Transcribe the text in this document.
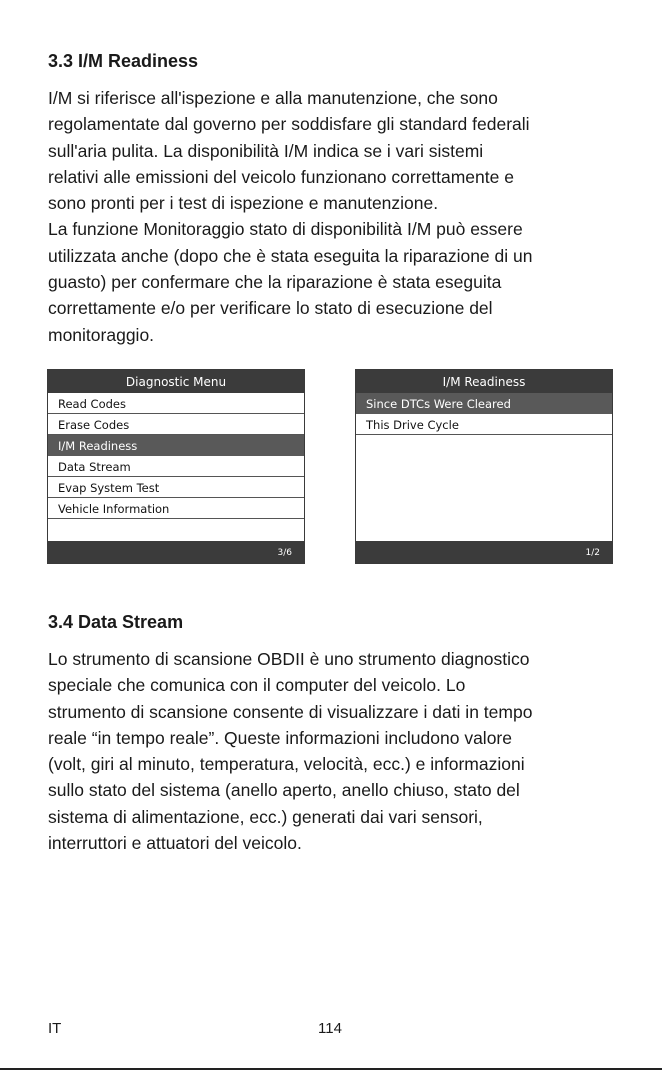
3.3 I/M Readiness

I/M si riferisce all'ispezione e alla manutenzione, che sono
regolamentate dal governo per soddisfare gli standard federali
sull'aria pulita. La disponibilità I/M indica se i vari sistemi
relativi alle emissioni del veicolo funzionano correttamente e
sono pronti per i test di ispezione e manutenzione.
La funzione Monitoraggio stato di disponibilità I/M può essere
utilizzata anche (dopo che è stata eseguita la riparazione di un
guasto) per confermare che la riparazione è stata eseguita
correttamente e/o per verificare lo stato di esecuzione del
monitoraggio.

Diagnostic Menu
Read Codes
Erase Codes
I/M Readiness
Data Stream
Evap System Test
Vehicle Information
3/6
I/M Readiness
Since DTCs Were Cleared
This Drive Cycle
1/2
3.4 Data Stream

Lo strumento di scansione OBDII è uno strumento diagnostico
speciale che comunica con il computer del veicolo. Lo
strumento di scansione consente di visualizzare i dati in tempo
reale “in tempo reale”. Queste informazioni includono valore
(volt, giri al minuto, temperatura, velocità, ecc.) e informazioni
sullo stato del sistema (anello aperto, anello chiuso, stato del
sistema di alimentazione, ecc.) generati dai vari sensori,
interruttori e attuatori del veicolo.

IT	114
